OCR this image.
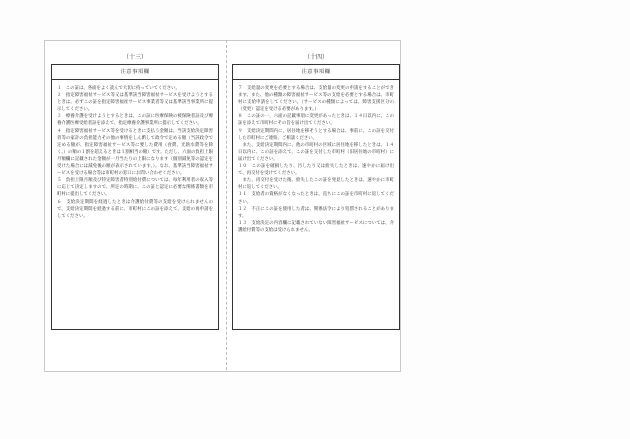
（十三）
注意事項欄

１　この証は、各面をよく読んで大切に持っていてください。

２　指定障害福祉サービス等又は基準該当障害福祉サービスを受けようとするときは、必ずこの証を指定障害福祉サービス事業者等又は基準該当事業所に提示してください。

３　療養介護を受けようとするときは、この証に医療保険の被保険者証及び療養介護医療受給者証を添えて、指定療養介護事業所に提示してください。

４　指定障害福祉サービス等を受けるときに支払う金額は、当該支給決定障害者等の家計の負担能力その他の事情をしん酌して政令で定める額（当該政令で定める額が、指定障害福祉サービス等に要した費用（食費、光熱水費等を除く。）の額の１割を超えるときは１割相当の額）です。ただし、六面の負担上限月額欄に記載された金額が一月当たりの上限になります（個別減免等の認定を受けた場合には減免後の額が表示されています。）。なお、基準該当障害福祉サービスを受ける場合等は市町村の窓口にお問い合わせください。

５　負担上限月額及び特定障害者特別給付費については、毎年利用者の収入等に応じて決定しますので、所定の時期に、この証と認定に必要な関係書類を市町村に提出してください。

６　支給決定期間を経過したときは介護給付費等の支給を受けられませんので、支給決定期間を経過する前に、市町村にこの証を添えて、支給の再申請をしてください。

（十四）
注意事項欄

７　支給量の変更を必要とする場合は、支給量の変更の申請をすることができます。また、他の種類の障害福祉サービス等の支給を必要とする場合は、市町村に支給申請をしてください。（サービスの種類によっては、障害支援区分の（変更）認定を受ける必要があります。）

８　この証の一、六面の記載事項に変更があったときは、１４日以内に、この証を添えて市町村にその旨を届け出てください。

９　支給決定期間内に、居住地を移そうとする場合は、事前に、この証を交付した市町村にご連絡、ご相談ください。

　また、支給決定期間内に、他の市町村の区域に居住地を移したときは、１４日以内に、この証を添えて、この証を交付した市町村（旧居住地の市町村）に届け出てください。

１０　この証を破損したり、汚したり又は紛失したときは、速やかに届け出て、再交付を受けてください。

　また、再交付を受けた後、紛失したこの証を発見したときは、速やかに市町村に返してください。

１１　支給者の資格がなくなったときは、直ちにこの証を市町村に返してください。

１２　不正にこの証を使用した者は、関係法令により処罰されることがあります。

１３　支給決定の内容欄に記載されていない障害福祉サービスについては、介護給付費等の支給は受けられません。
